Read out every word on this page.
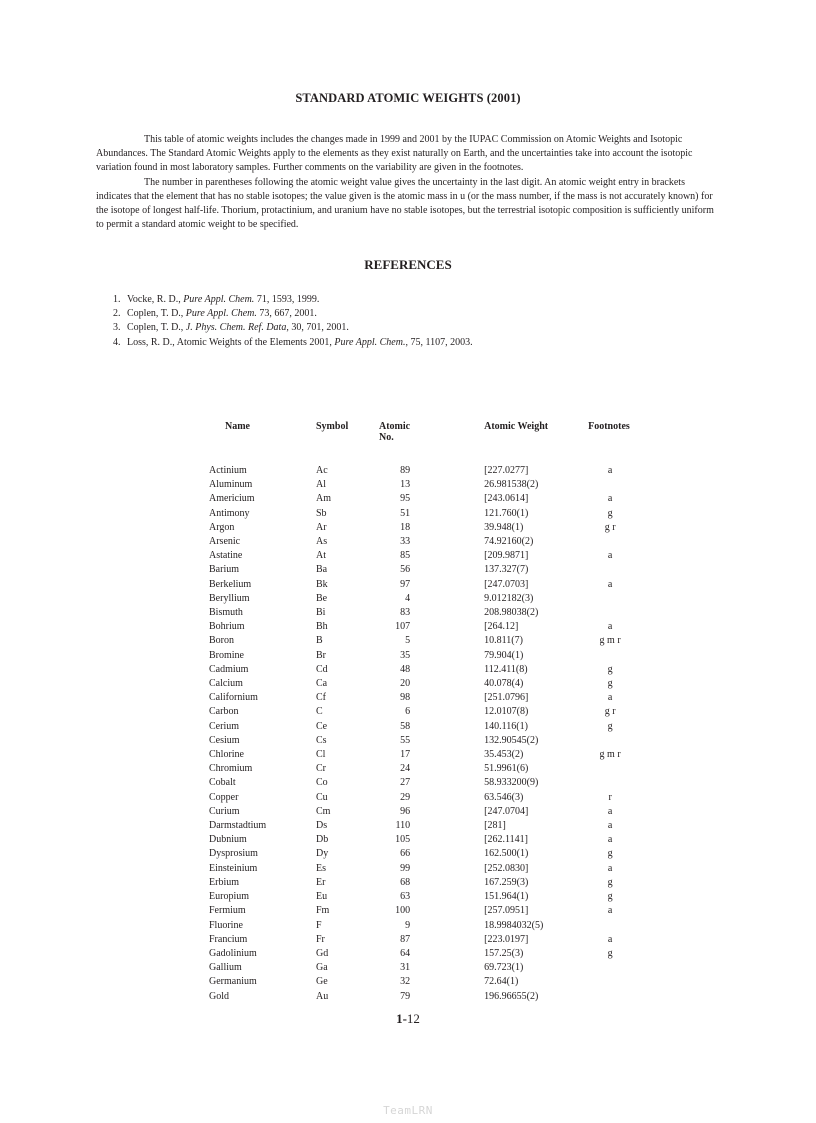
STANDARD ATOMIC WEIGHTS (2001)

This table of atomic weights includes the changes made in 1999 and 2001 by the IUPAC Commission on Atomic Weights and Isotopic Abundances. The Standard Atomic Weights apply to the elements as they exist naturally on Earth, and the uncertainties take into account the isotopic variation found in most laboratory samples. Further comments on the variability are given in the footnotes.

The number in parentheses following the atomic weight value gives the uncertainty in the last digit. An atomic weight entry in brackets indicates that the element that has no stable isotopes; the value given is the atomic mass in u (or the mass number, if the mass is not accurately known) for the isotope of longest half-life. Thorium, protactinium, and uranium have no stable isotopes, but the terrestrial isotopic composition is sufficiently uniform to permit a standard atomic weight to be specified.

REFERENCES
1. Vocke, R. D., Pure Appl. Chem. 71, 1593, 1999.
2. Coplen, T. D., Pure Appl. Chem. 73, 667, 2001.
3. Coplen, T. D., J. Phys. Chem. Ref. Data, 30, 701, 2001.
4. Loss, R. D., Atomic Weights of the Elements 2001, Pure Appl. Chem., 75, 1107, 2003.
Name	Symbol	Atomic No.		Atomic Weight	Footnotes

Actinium	Ac	89		[227.0277]	a
Aluminum	Al	13		26.981538(2)	
Americium	Am	95		[243.0614]	a
Antimony	Sb	51		121.760(1)	g
Argon	Ar	18		39.948(1)	g r
Arsenic	As	33		74.92160(2)	
Astatine	At	85		[209.9871]	a
Barium	Ba	56		137.327(7)	
Berkelium	Bk	97		[247.0703]	a
Beryllium	Be	4		9.012182(3)	
Bismuth	Bi	83		208.98038(2)	
Bohrium	Bh	107		[264.12]	a
Boron	B	5		10.811(7)	g m r
Bromine	Br	35		79.904(1)	
Cadmium	Cd	48		112.411(8)	g
Calcium	Ca	20		40.078(4)	g
Californium	Cf	98		[251.0796]	a
Carbon	C	6		12.0107(8)	g r
Cerium	Ce	58		140.116(1)	g
Cesium	Cs	55		132.90545(2)	
Chlorine	Cl	17		35.453(2)	g m r
Chromium	Cr	24		51.9961(6)	
Cobalt	Co	27		58.933200(9)	
Copper	Cu	29		63.546(3)	r
Curium	Cm	96		[247.0704]	a
Darmstadtium	Ds	110		[281]	a
Dubnium	Db	105		[262.1141]	a
Dysprosium	Dy	66		162.500(1)	g
Einsteinium	Es	99		[252.0830]	a
Erbium	Er	68		167.259(3)	g
Europium	Eu	63		151.964(1)	g
Fermium	Fm	100		[257.0951]	a
Fluorine	F	9		18.9984032(5)	
Francium	Fr	87		[223.0197]	a
Gadolinium	Gd	64		157.25(3)	g
Gallium	Ga	31		69.723(1)	
Germanium	Ge	32		72.64(1)	
Gold	Au	79		196.96655(2)	
1-12
TeamLRN
